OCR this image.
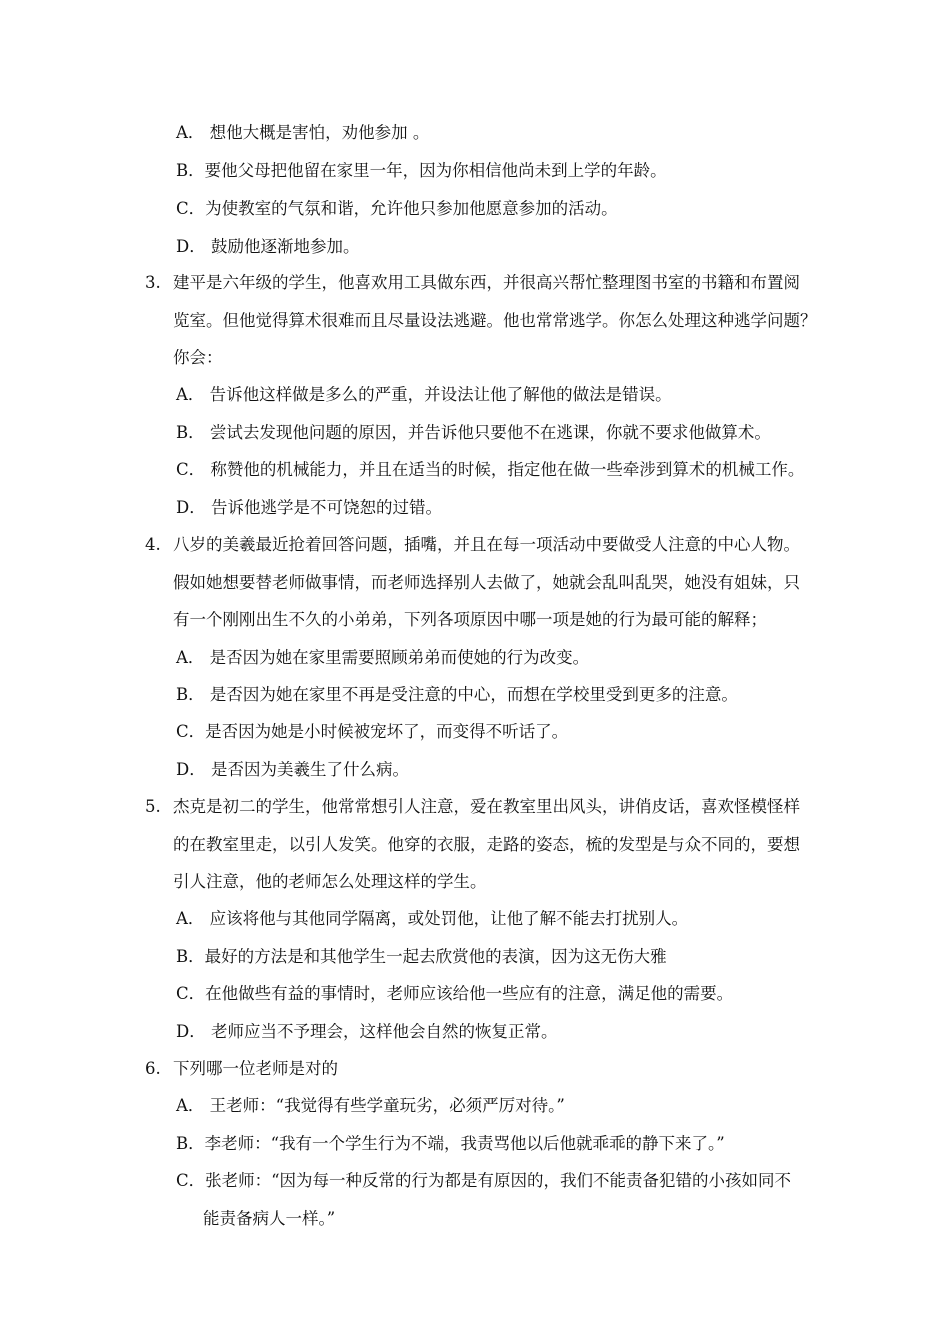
A． 想他大概是害怕，劝他参加 。
B．要他父母把他留在家里一年，因为你相信他尚未到上学的年龄。
C．为使教室的气氛和谐，允许他只参加他愿意参加的活动。
D． 鼓励他逐渐地参加。
3. 建平是六年级的学生，他喜欢用工具做东西，并很高兴帮忙整理图书室的书籍和布置阅
览室。但他觉得算术很难而且尽量设法逃避。他也常常逃学。你怎么处理这种逃学问题？
你会：
A． 告诉他这样做是多么的严重，并设法让他了解他的做法是错误。
B． 尝试去发现他问题的原因，并告诉他只要他不在逃课，你就不要求他做算术。
C． 称赞他的机械能力，并且在适当的时候，指定他在做一些牵涉到算术的机械工作。
D． 告诉他逃学是不可饶恕的过错。
4. 八岁的美羲最近抢着回答问题，插嘴，并且在每一项活动中要做受人注意的中心人物。
假如她想要替老师做事情，而老师选择别人去做了，她就会乱叫乱哭，她没有姐妹，只
有一个刚刚出生不久的小弟弟，下列各项原因中哪一项是她的行为最可能的解释；
A． 是否因为她在家里需要照顾弟弟而使她的行为改变。
B． 是否因为她在家里不再是受注意的中心，而想在学校里受到更多的注意。
C．是否因为她是小时候被宠坏了，而变得不听话了。
D． 是否因为美羲生了什么病。
5. 杰克是初二的学生，他常常想引人注意，爱在教室里出风头，讲俏皮话，喜欢怪模怪样
的在教室里走，以引人发笑。他穿的衣服，走路的姿态，梳的发型是与众不同的，要想
引人注意，他的老师怎么处理这样的学生。
A． 应该将他与其他同学隔离，或处罚他，让他了解不能去打扰别人。
B．最好的方法是和其他学生一起去欣赏他的表演，因为这无伤大雅
C．在他做些有益的事情时，老师应该给他一些应有的注意，满足他的需要。
D． 老师应当不予理会，这样他会自然的恢复正常。
6. 下列哪一位老师是对的
A． 王老师：“我觉得有些学童玩劣，必须严厉对待。”
B．李老师：“我有一个学生行为不端，我责骂他以后他就乖乖的静下来了。”
C．张老师：“因为每一种反常的行为都是有原因的，我们不能责备犯错的小孩如同不
能责备病人一样。”
